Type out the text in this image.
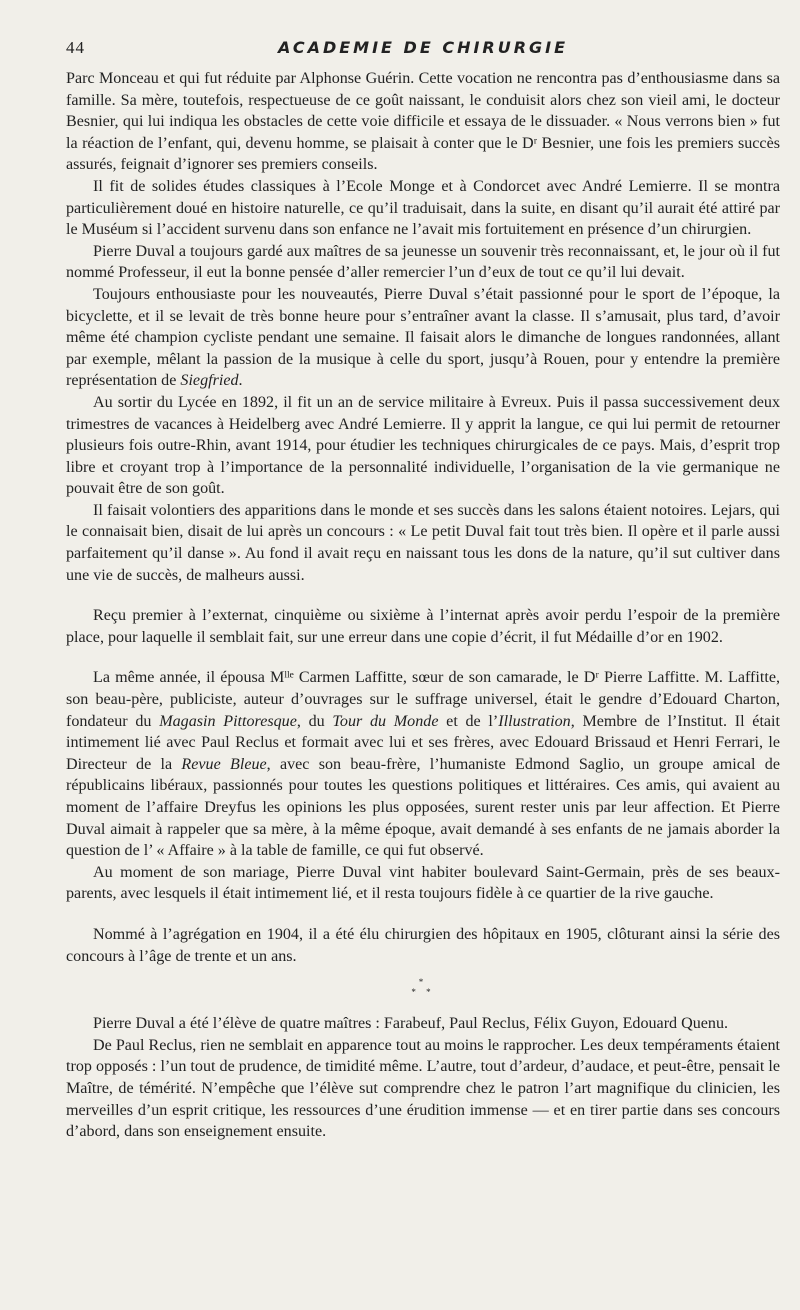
44	ACADEMIE DE CHIRURGIE

Parc Monceau et qui fut réduite par Alphonse Guérin. Cette vocation ne rencontra pas d’enthousiasme dans sa famille. Sa mère, toutefois, respectueuse de ce goût naissant, le conduisit alors chez son vieil ami, le docteur Besnier, qui lui indiqua les obstacles de cette voie difficile et essaya de le dissuader. « Nous verrons bien » fut la réaction de l’enfant, qui, devenu homme, se plaisait à conter que le Dʳ Besnier, une fois les premiers succès assurés, feignait d’ignorer ses premiers conseils.

Il fit de solides études classiques à l’Ecole Monge et à Condorcet avec André Lemierre. Il se montra particulièrement doué en histoire naturelle, ce qu’il traduisait, dans la suite, en disant qu’il aurait été attiré par le Muséum si l’accident survenu dans son enfance ne l’avait mis fortuitement en présence d’un chirurgien.

Pierre Duval a toujours gardé aux maîtres de sa jeunesse un souvenir très reconnaissant, et, le jour où il fut nommé Professeur, il eut la bonne pensée d’aller remercier l’un d’eux de tout ce qu’il lui devait.

Toujours enthousiaste pour les nouveautés, Pierre Duval s’était passionné pour le sport de l’époque, la bicyclette, et il se levait de très bonne heure pour s’entraîner avant la classe. Il s’amusait, plus tard, d’avoir même été champion cycliste pendant une semaine. Il faisait alors le dimanche de longues randonnées, allant par exemple, mêlant la passion de la musique à celle du sport, jusqu’à Rouen, pour y entendre la première représentation de Siegfried.

Au sortir du Lycée en 1892, il fit un an de service militaire à Evreux. Puis il passa successivement deux trimestres de vacances à Heidelberg avec André Lemierre. Il y apprit la langue, ce qui lui permit de retourner plusieurs fois outre-Rhin, avant 1914, pour étudier les techniques chirurgicales de ce pays. Mais, d’esprit trop libre et croyant trop à l’importance de la personnalité individuelle, l’organisation de la vie germanique ne pouvait être de son goût.

Il faisait volontiers des apparitions dans le monde et ses succès dans les salons étaient notoires. Lejars, qui le connaisait bien, disait de lui après un concours : « Le petit Duval fait tout très bien. Il opère et il parle aussi parfaitement qu’il danse ». Au fond il avait reçu en naissant tous les dons de la nature, qu’il sut cultiver dans une vie de succès, de malheurs aussi.

Reçu premier à l’externat, cinquième ou sixième à l’internat après avoir perdu l’espoir de la première place, pour laquelle il semblait fait, sur une erreur dans une copie d’écrit, il fut Médaille d’or en 1902.

La même année, il épousa Mˡˡᵉ Carmen Laffitte, sœur de son camarade, le Dʳ Pierre Laffitte. M. Laffitte, son beau-père, publiciste, auteur d’ouvrages sur le suffrage universel, était le gendre d’Edouard Charton, fondateur du Magasin Pittoresque, du Tour du Monde et de l’Illustration, Membre de l’Institut. Il était intimement lié avec Paul Reclus et formait avec lui et ses frères, avec Edouard Brissaud et Henri Ferrari, le Directeur de la Revue Bleue, avec son beau-frère, l’humaniste Edmond Saglio, un groupe amical de républicains libéraux, passionnés pour toutes les questions politiques et littéraires. Ces amis, qui avaient au moment de l’affaire Dreyfus les opinions les plus opposées, surent rester unis par leur affection. Et Pierre Duval aimait à rappeler que sa mère, à la même époque, avait demandé à ses enfants de ne jamais aborder la question de l’ « Affaire » à la table de famille, ce qui fut observé.

Au moment de son mariage, Pierre Duval vint habiter boulevard Saint-Germain, près de ses beaux-parents, avec lesquels il était intimement lié, et il resta toujours fidèle à ce quartier de la rive gauche.

Nommé à l’agrégation en 1904, il a été élu chirurgien des hôpitaux en 1905, clôturant ainsi la série des concours à l’âge de trente et un ans.

*
* *

Pierre Duval a été l’élève de quatre maîtres : Farabeuf, Paul Reclus, Félix Guyon, Edouard Quenu.

De Paul Reclus, rien ne semblait en apparence tout au moins le rapprocher. Les deux tempéraments étaient trop opposés : l’un tout de prudence, de timidité même. L’autre, tout d’ardeur, d’audace, et peut-être, pensait le Maître, de témérité. N’empêche que l’élève sut comprendre chez le patron l’art magnifique du clinicien, les merveilles d’un esprit critique, les ressources d’une érudition immense — et en tirer partie dans ses concours d’abord, dans son enseignement ensuite.
